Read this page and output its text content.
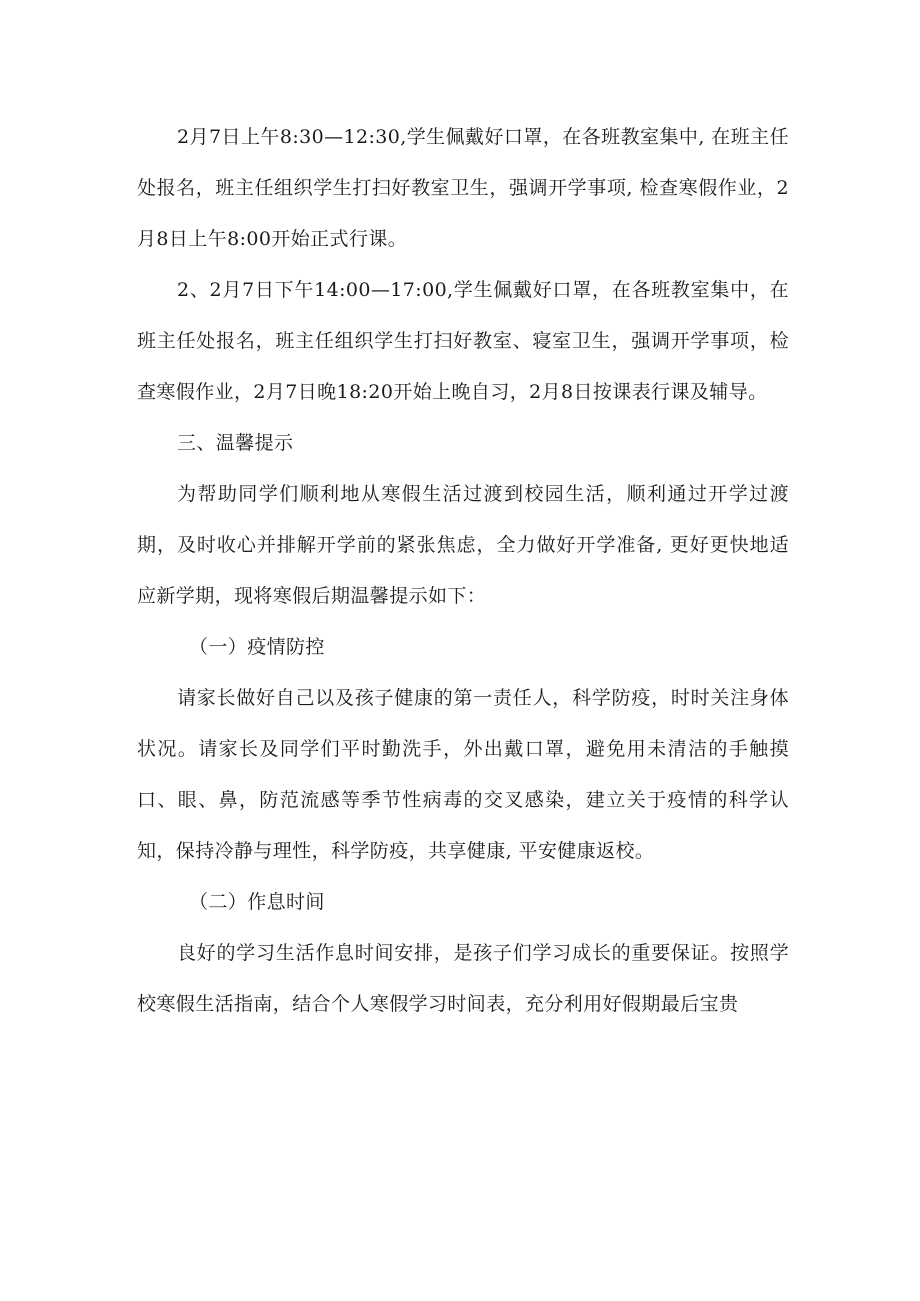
2月7日上午8:30—12:30,学生佩戴好口罩，在各班教室集中, 在班主任处报名，班主任组织学生打扫好教室卫生，强调开学事项, 检查寒假作业，2月8日上午8:00开始正式行课。

2、2月7日下午14:00—17:00,学生佩戴好口罩，在各班教室集中，在班主任处报名，班主任组织学生打扫好教室、寝室卫生，强调开学事项，检查寒假作业，2月7日晚18:20开始上晚自习，2月8日按课表行课及辅导。

三、温馨提示

为帮助同学们顺利地从寒假生活过渡到校园生活，顺利通过开学过渡期，及时收心并排解开学前的紧张焦虑，全力做好开学准备, 更好更快地适应新学期，现将寒假后期温馨提示如下：

（一）疫情防控

请家长做好自己以及孩子健康的第一责任人，科学防疫，时时关注身体状况。请家长及同学们平时勤洗手，外出戴口罩，避免用未清洁的手触摸口、眼、鼻，防范流感等季节性病毒的交叉感染，建立关于疫情的科学认知，保持冷静与理性，科学防疫，共享健康, 平安健康返校。

（二）作息时间

良好的学习生活作息时间安排，是孩子们学习成长的重要保证。按照学校寒假生活指南，结合个人寒假学习时间表，充分利用好假期最后宝贵
